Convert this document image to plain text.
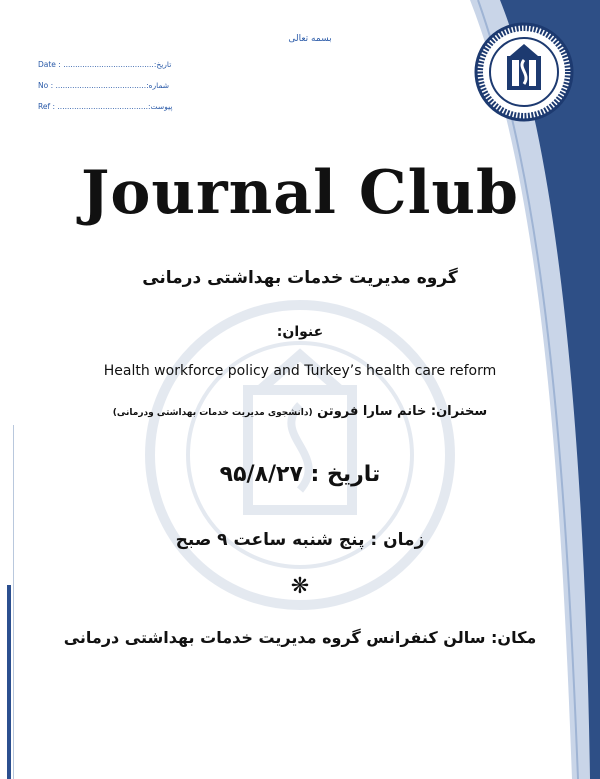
بسمه تعالی
Date : ...................................... تاریخ:
No : ...................................... شماره:
Ref : ...................................... پیوست:
Journal Club
گروه مدیریت خدمات بهداشتی درمانی
عنوان:
Health workforce policy and Turkey’s health care reform
سخنران: خانم سارا فروتن (دانشجوی مدیریت خدمات بهداشتی ودرمانی)
تاریخ : ۹۵/۸/۲۷
زمان : پنج شنبه ساعت ۹ صبح
❋
مکان: سالن کنفرانس گروه مدیریت خدمات بهداشتی درمانی
